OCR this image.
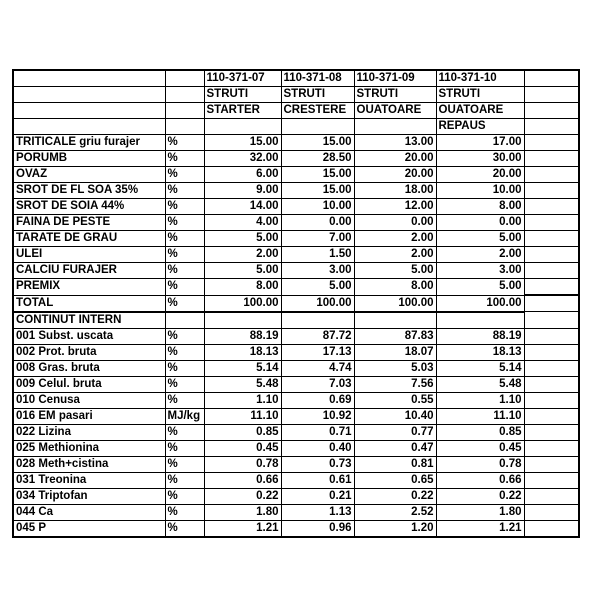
		110-371-07	110-371-08	110-371-09	110-371-10	
		STRUTI	STRUTI	STRUTI	STRUTI	
		STARTER	CRESTERE	OUATOARE	OUATOARE	
					REPAUS	
TRITICALE griu furajer	%	15.00	15.00	13.00	17.00	
PORUMB	%	32.00	28.50	20.00	30.00	
OVAZ	%	6.00	15.00	20.00	20.00	
SROT DE FL SOA 35%	%	9.00	15.00	18.00	10.00	
SROT DE SOIA 44%	%	14.00	10.00	12.00	8.00	
FAINA DE PESTE	%	4.00	0.00	0.00	0.00	
TARATE DE GRAU	%	5.00	7.00	2.00	5.00	
ULEI	%	2.00	1.50	2.00	2.00	
CALCIU FURAJER	%	5.00	3.00	5.00	3.00	
PREMIX	%	8.00	5.00	8.00	5.00	
TOTAL	%	100.00	100.00	100.00	100.00	
CONTINUT INTERN						
001 Subst. uscata	%	88.19	87.72	87.83	88.19	
002 Prot. bruta	%	18.13	17.13	18.07	18.13	
008 Gras. bruta	%	5.14	4.74	5.03	5.14	
009 Celul. bruta	%	5.48	7.03	7.56	5.48	
010 Cenusa	%	1.10	0.69	0.55	1.10	
016 EM pasari	MJ/kg	11.10	10.92	10.40	11.10	
022 Lizina	%	0.85	0.71	0.77	0.85	
025 Methionina	%	0.45	0.40	0.47	0.45	
028 Meth+cistina	%	0.78	0.73	0.81	0.78	
031 Treonina	%	0.66	0.61	0.65	0.66	
034 Triptofan	%	0.22	0.21	0.22	0.22	
044 Ca	%	1.80	1.13	2.52	1.80	
045 P	%	1.21	0.96	1.20	1.21	
